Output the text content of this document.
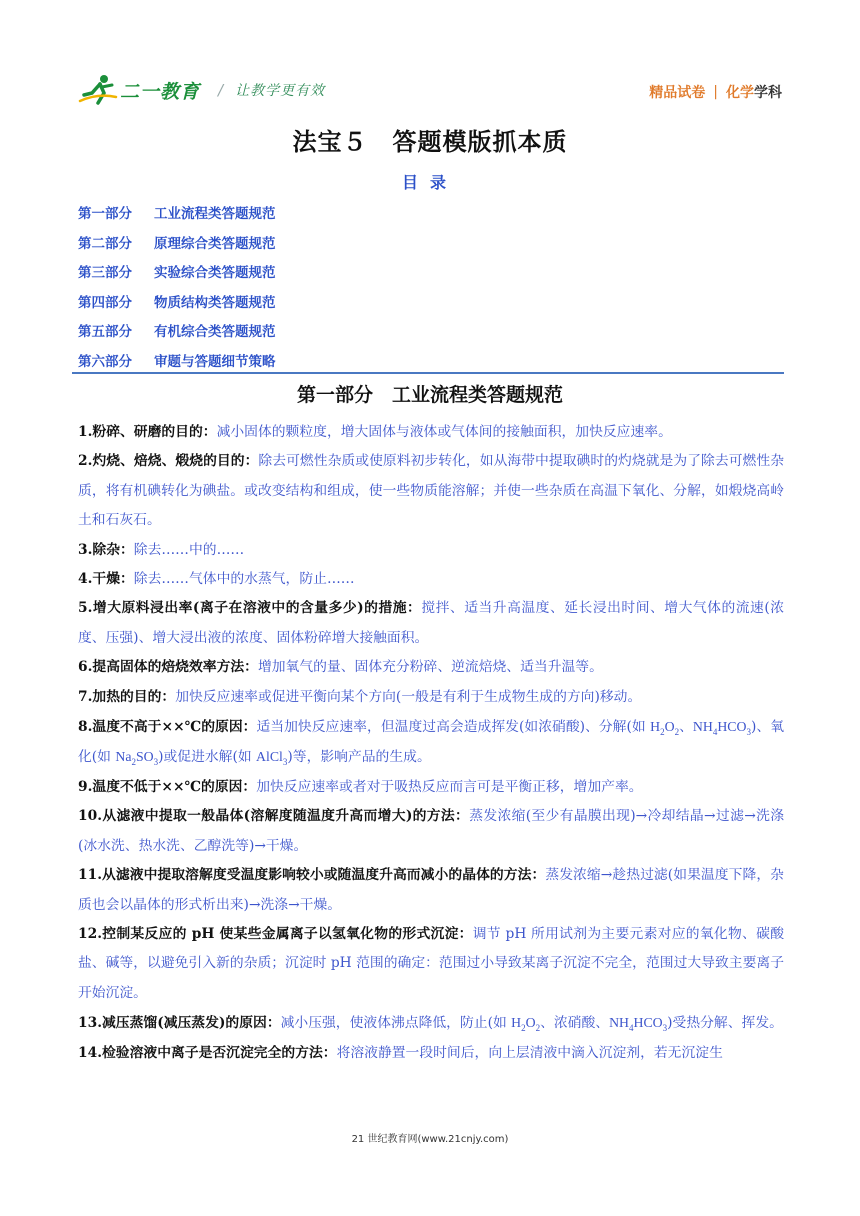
二一教育 / 让教学更有效	精品试卷 | 化学 学科
法宝５　答题模版抓本质
目录
第一部分 工业流程类答题规范
第二部分 原理综合类答题规范
第三部分 实验综合类答题规范
第四部分 物质结构类答题规范
第五部分 有机综合类答题规范
第六部分 审题与答题细节策略
第一部分　工业流程类答题规范

1.粉碎、研磨的目的：减小固体的颗粒度，增大固体与液体或气体间的接触面积，加快反应速率。

2.灼烧、焙烧、煅烧的目的：除去可燃性杂质或使原料初步转化，如从海带中提取碘时的灼烧就是为了除去可燃性杂质，将有机碘转化为碘盐。或改变结构和组成，使一些物质能溶解；并使一些杂质在高温下氧化、分解，如煅烧高岭土和石灰石。

3.除杂：除去……中的……

4.干燥：除去……气体中的水蒸气，防止……

5.增大原料浸出率(离子在溶液中的含量多少)的措施：搅拌、适当升高温度、延长浸出时间、增大气体的流速(浓度、压强)、增大浸出液的浓度、固体粉碎增大接触面积。

6.提高固体的焙烧效率方法：增加氧气的量、固体充分粉碎、逆流焙烧、适当升温等。

7.加热的目的：加快反应速率或促进平衡向某个方向(一般是有利于生成物生成的方向)移动。

8.温度不高于××℃的原因：适当加快反应速率，但温度过高会造成挥发(如浓硝酸)、分解(如 $H_2O_2$、$NH_4HCO_3$)、氧化(如 $Na_2SO_3$)或促进水解(如 AlCl$_3$)等，影响产品的生成。

9.温度不低于××℃的原因：加快反应速率或者对于吸热反应而言可是平衡正移，增加产率。

10.从滤液中提取一般晶体(溶解度随温度升高而增大)的方法：蒸发浓缩(至少有晶膜出现)→冷却结晶→过滤→洗涤(冰水洗、热水洗、乙醇洗等)→干燥。

11.从滤液中提取溶解度受温度影响较小或随温度升高而减小的晶体的方法：蒸发浓缩→趁热过滤(如果温度下降，杂质也会以晶体的形式析出来)→洗涤→干燥。

12.控制某反应的 pH 使某些金属离子以氢氧化物的形式沉淀：调节 pH 所用试剂为主要元素对应的氧化物、碳酸盐、碱等，以避免引入新的杂质；沉淀时 pH 范围的确定：范围过小导致某离子沉淀不完全，范围过大导致主要离子开始沉淀。

13.减压蒸馏(减压蒸发)的原因：减小压强，使液体沸点降低，防止(如 $H_2O_2$、浓硝酸、$NH_4HCO_3$)受热分解、挥发。

14.检验溶液中离子是否沉淀完全的方法：将溶液静置一段时间后，向上层清液中滴入沉淀剂，若无沉淀生

21 世纪教育网(www.21cnjy.com)
